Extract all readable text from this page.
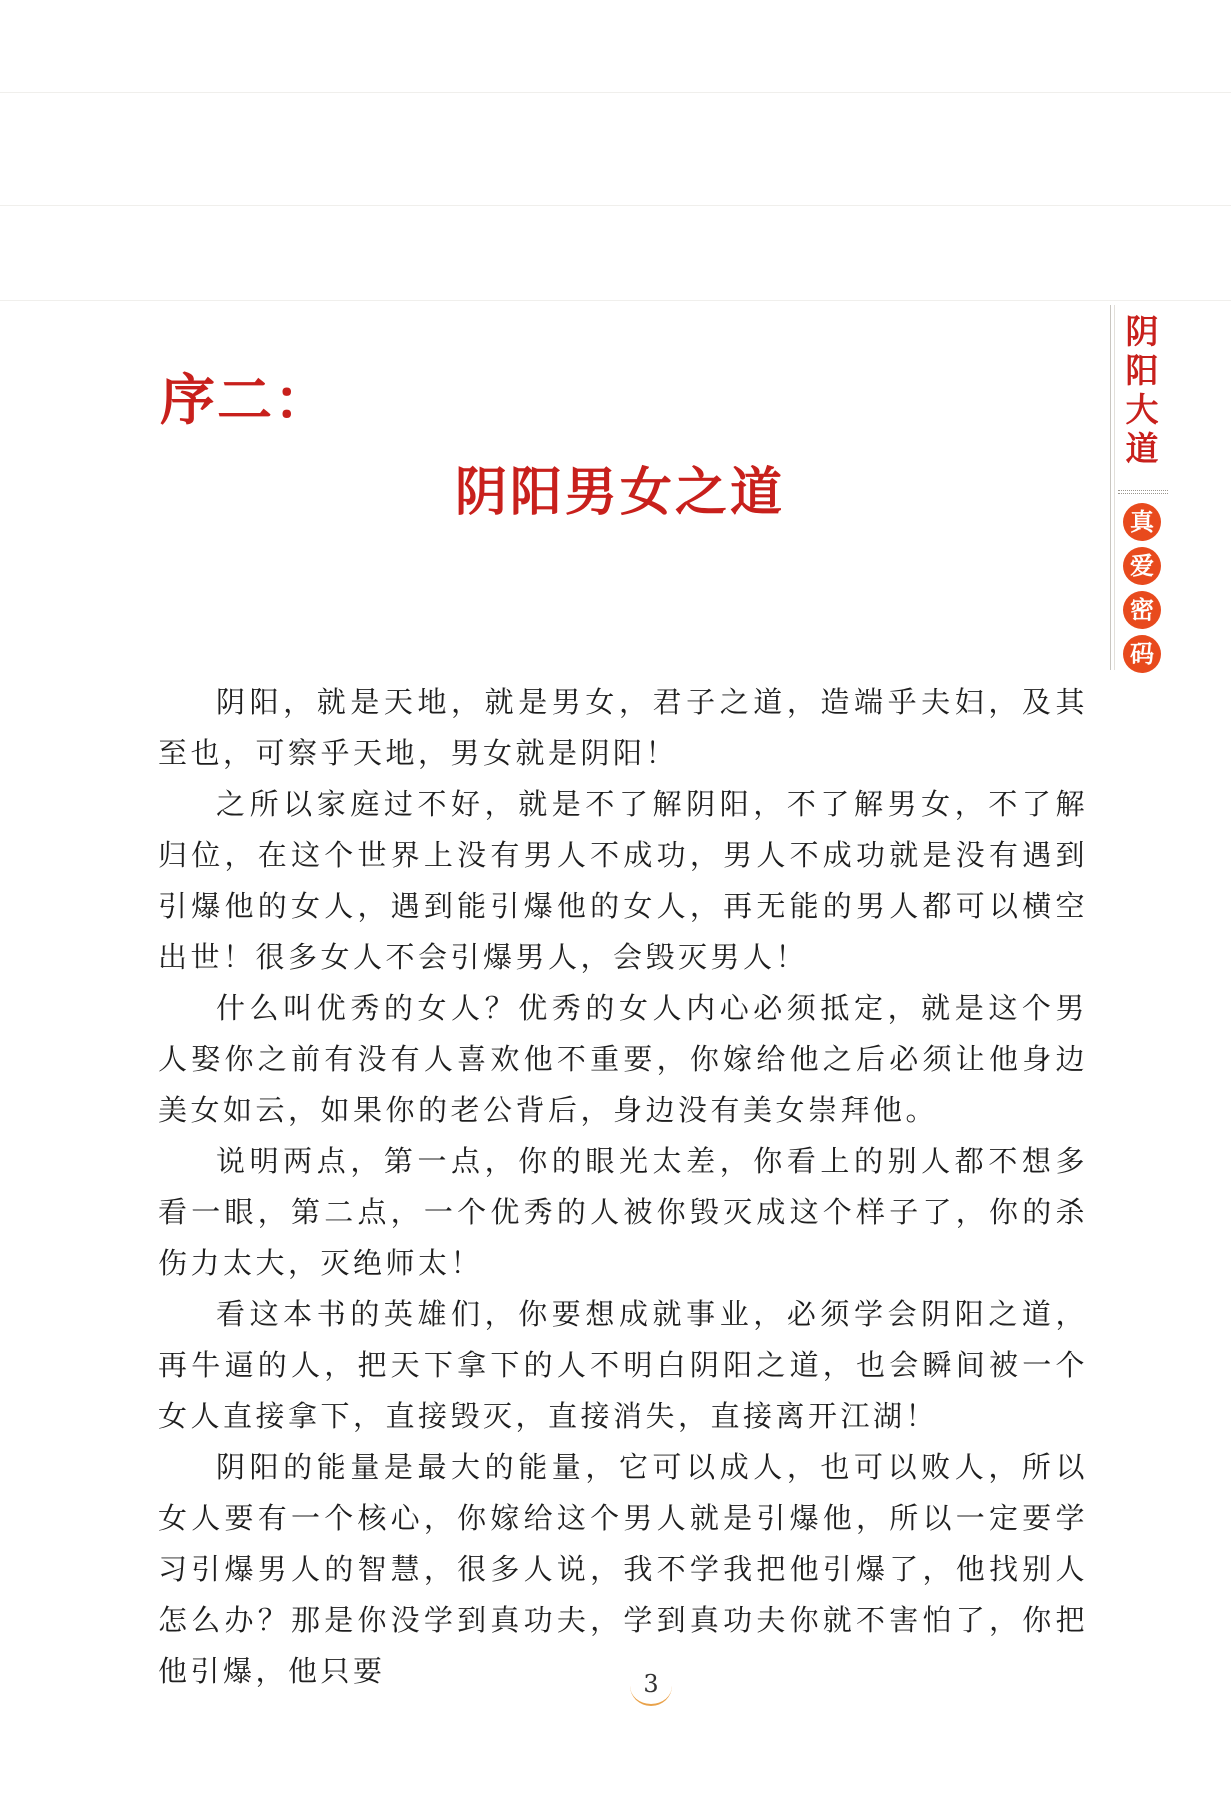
序二：
阴阳男女之道
阴阳大道
真
爱
密
码

阴阳，就是天地，就是男女，君子之道，造端乎夫妇，及其至也，可察乎天地，男女就是阴阳！

之所以家庭过不好，就是不了解阴阳，不了解男女，不了解归位，在这个世界上没有男人不成功，男人不成功就是没有遇到引爆他的女人，遇到能引爆他的女人，再无能的男人都可以横空出世！很多女人不会引爆男人，会毁灭男人！

什么叫优秀的女人？优秀的女人内心必须抵定，就是这个男人娶你之前有没有人喜欢他不重要，你嫁给他之后必须让他身边美女如云，如果你的老公背后，身边没有美女崇拜他。

说明两点，第一点，你的眼光太差，你看上的别人都不想多看一眼，第二点，一个优秀的人被你毁灭成这个样子了，你的杀伤力太大，灭绝师太！

看这本书的英雄们，你要想成就事业，必须学会阴阳之道，再牛逼的人，把天下拿下的人不明白阴阳之道，也会瞬间被一个女人直接拿下，直接毁灭，直接消失，直接离开江湖！

阴阳的能量是最大的能量，它可以成人，也可以败人，所以女人要有一个核心，你嫁给这个男人就是引爆他，所以一定要学习引爆男人的智慧，很多人说，我不学我把他引爆了，他找别人怎么办？那是你没学到真功夫，学到真功夫你就不害怕了，你把他引爆，他只要	3
